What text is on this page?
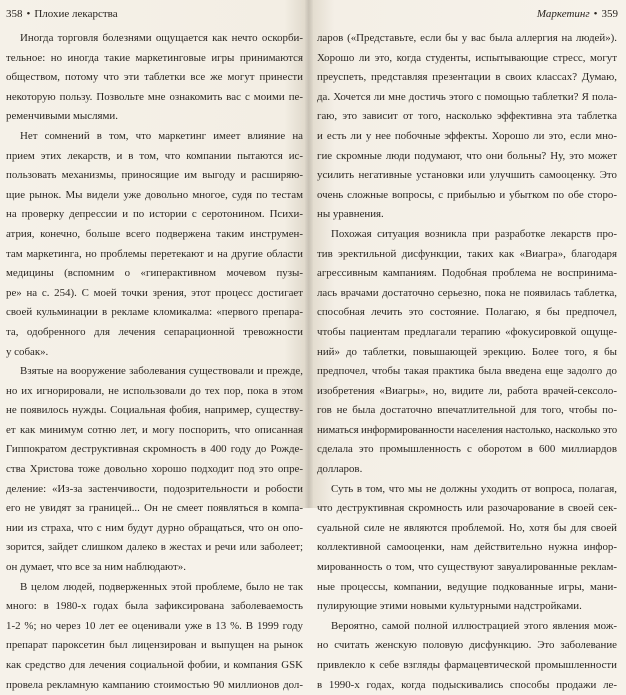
358 • Плохие лекарства	Маркетинг • 359
Иногда торговля болезнями ощущается как нечто оскорби-
тельное: но иногда такие маркетинговые игры принимаются
обществом, потому что эти таблетки все же могут принести
некоторую пользу. Позвольте мне ознакомить вас с моими пе-
ременчивыми мыслями.
Нет сомнений в том, что маркетинг имеет влияние на
прием этих лекарств, и в том, что компании пытаются ис-
пользовать механизмы, приносящие им выгоду и расширяю-
щие рынок. Мы видели уже довольно многое, судя по тестам
на проверку депрессии и по истории с серотонином. Психи-
атрия, конечно, больше всего подвержена таким инструмен-
там маркетинга, но проблемы перетекают и на другие области
медицины (вспомним о «гиперактивном мочевом пузы-
ре» на с. 254). С моей точки зрения, этот процесс достигает
своей кульминации в рекламе кломикалма: «первого препара-
та, одобренного для лечения сепарационной тревожности
у собак».
Взятые на вооружение заболевания существовали и прежде,
но их игнорировали, не использовали до тех пор, пока в этом
не появилось нужды. Социальная фобия, например, существу-
ет как минимум сотню лет, и могу поспорить, что описанная
Гиппократом деструктивная скромность в 400 году до Рожде-
ства Христова тоже довольно хорошо подходит под это опре-
деление: «Из-за застенчивости, подозрительности и робости
его не увидят за границей... Он не смеет появляться в компа-
нии из страха, что с ним будут дурно обращаться, что он опо-
зорится, зайдет слишком далеко в жестах и речи или заболеет;
он думает, что все за ним наблюдают».
В целом людей, подверженных этой проблеме, было не так
много: в 1980-х годах была зафиксирована заболеваемость
1-2 %; но через 10 лет ее оценивали уже в 13 %. В 1999 году
препарат пароксетин был лицензирован и выпущен на рынок
как средство для лечения социальной фобии, и компания GSK
провела рекламную кампанию стоимостью 90 миллионов дол-
ларов («Представьте, если бы у вас была аллергия на людей»).
Хорошо ли это, когда студенты, испытывающие стресс, могут
преуспеть, представляя презентации в своих классах? Думаю,
да. Хочется ли мне достичь этого с помощью таблетки? Я пола-
гаю, это зависит от того, насколько эффективна эта таблетка
и есть ли у нее побочные эффекты. Хорошо ли это, если мно-
гие скромные люди подумают, что они больны? Ну, это может
усилить негативные установки или улучшить самооценку. Это
очень сложные вопросы, с прибылью и убытком по обе сторо-
ны уравнения.
Похожая ситуация возникла при разработке лекарств про-
тив эректильной дисфункции, таких как «Виагра», благодаря
агрессивным кампаниям. Подобная проблема не воспринима-
лась врачами достаточно серьезно, пока не появилась таблетка,
способная лечить это состояние. Полагаю, я бы предпочел,
чтобы пациентам предлагали терапию «фокусировкой ощуще-
ний» до таблетки, повышающей эрекцию. Более того, я бы
предпочел, чтобы такая практика была введена еще задолго до
изобретения «Виагры», но, видите ли, работа врачей-сексоло-
гов не была достаточно впечатлительной для того, чтобы по-
ниматься информированности населения настолько, насколько это
сделала это промышленность с оборотом в 600 миллиардов
долларов.
Суть в том, что мы не должны уходить от вопроса, полагая,
что деструктивная скромность или разочарование в своей сек-
суальной силе не являются проблемой. Но, хотя бы для своей
коллективной самооценки, нам действительно нужна инфор-
мированность о том, что существуют завуалированные реклам-
ные процессы, компании, ведущие подкованные игры, мани-
пулирующие этими новыми культурными надстройками.
Вероятно, самой полной иллюстрацией этого явления мож-
но считать женскую половую дисфункцию. Это заболевание
привлекло к себе взгляды фармацевтической промышленности
в 1990-х годах, когда подыскивались способы продажи ле-
